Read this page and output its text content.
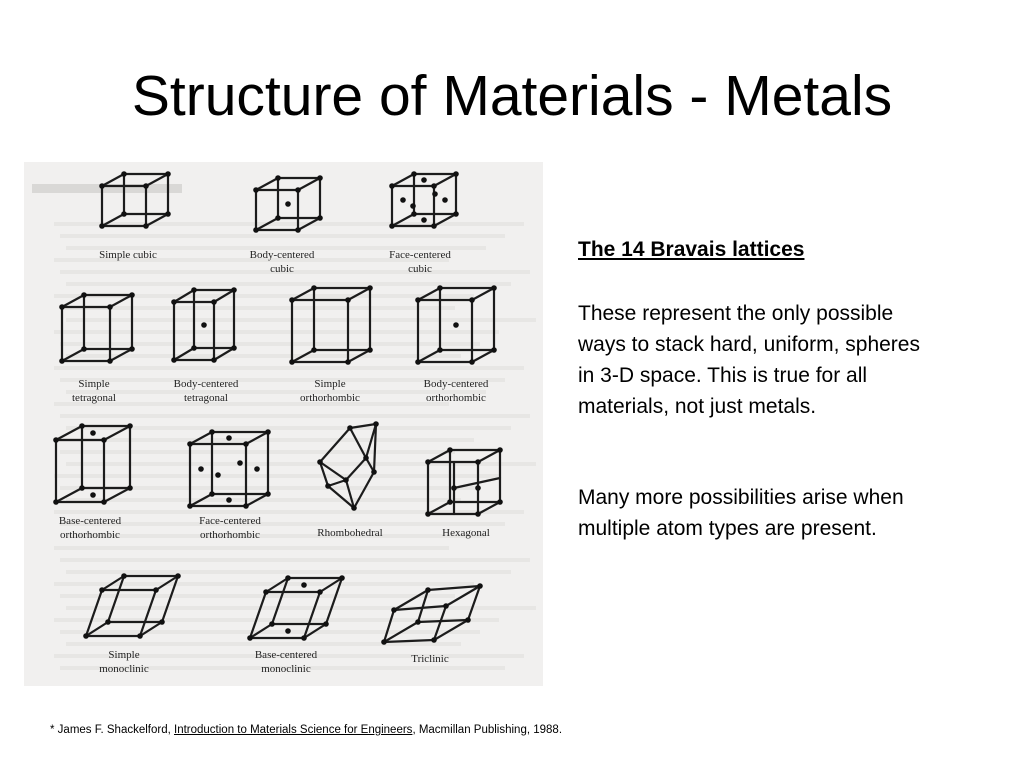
Structure of Materials - Metals
Simple cubic	Body-centered
cubic
Face-centered
cubic
Simple
tetragonal
Body-centered
tetragonal
Simple
orthorhombic
Body-centered
orthorhombic
Base-centered
orthorhombic
Face-centered
orthorhombic	Rhombohedral	Hexagonal
Simple
monoclinic
Base-centered
monoclinic
Triclinic
The 14 Bravais lattices

These represent the only possible ways to stack hard, uniform, spheres in 3-D space. This is true for all materials, not just metals.

Many more possibilities arise when multiple atom types are present.

* James F. Shackelford, Introduction to Materials Science for Engineers, Macmillan Publishing, 1988.
